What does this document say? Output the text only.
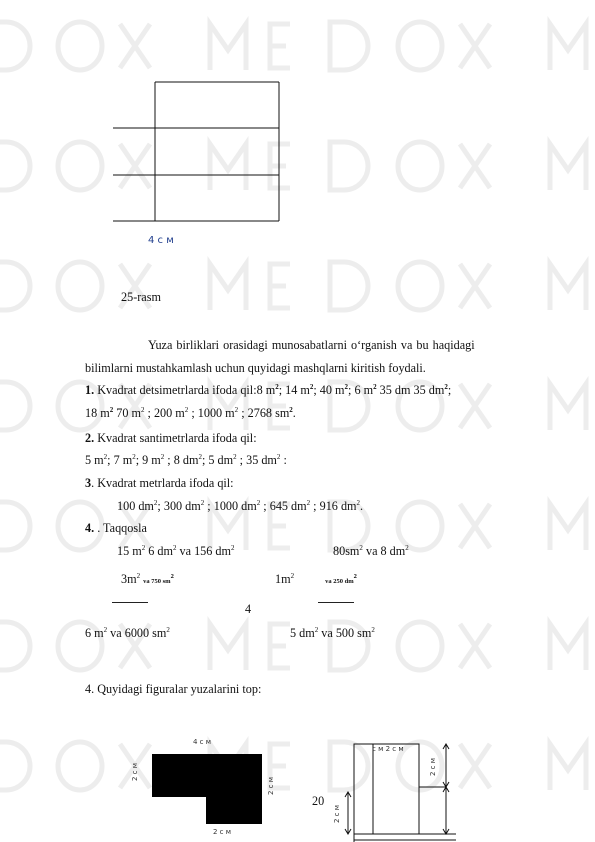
4 с м
25-rasm
Yuza birliklari orasidagi munosabatlarni o‘rganish va bu haqidagi
bilimlarni mustahkamlash uchun quyidagi mashqlarni kiritish foydali.
1. Kvadrat detsimetrlarda ifoda qil:8 $m^2$; 14 $m^2$; 40 $m^2$; 6 $m^2$ 35 dm 35 $dm^2$;
18 $m^2$ 70 $m^2$ ; 200 $m^2$ ; 1000 $m^2$ ; 2768 $sm^2$.
2. Kvadrat santimetrlarda ifoda qil:
5 $m^2$; 7 $m^2$; 9 $m^2$ ; 8 $dm^2$; 5 $dm^2$ ; 35 $dm^2$ :
3. Kvadrat metrlarda ifoda qil:
100 $dm^2$; 300 $dm^2$ ; 1000 $dm^2$ ; 645 $dm^2$ ; 916 $dm^2$.
4. . Taqqosla
15 $m^2$ 6 $dm^2$ va 156 $dm^2$	$80sm^2$ va 8 $dm^2$
$3m^2$ va 750 $sm^2$	$1m^2$ va 250 $dm^2$
4
6 $m^2$ va 6000 $sm^2$	5 $dm^2$ va 500 $sm^2$
4. Quyidagi figuralar yuzalarini top:
4 с м
2 с м
2 с м
2 с м
20
с м 2 с м
2 с м
2 с м
